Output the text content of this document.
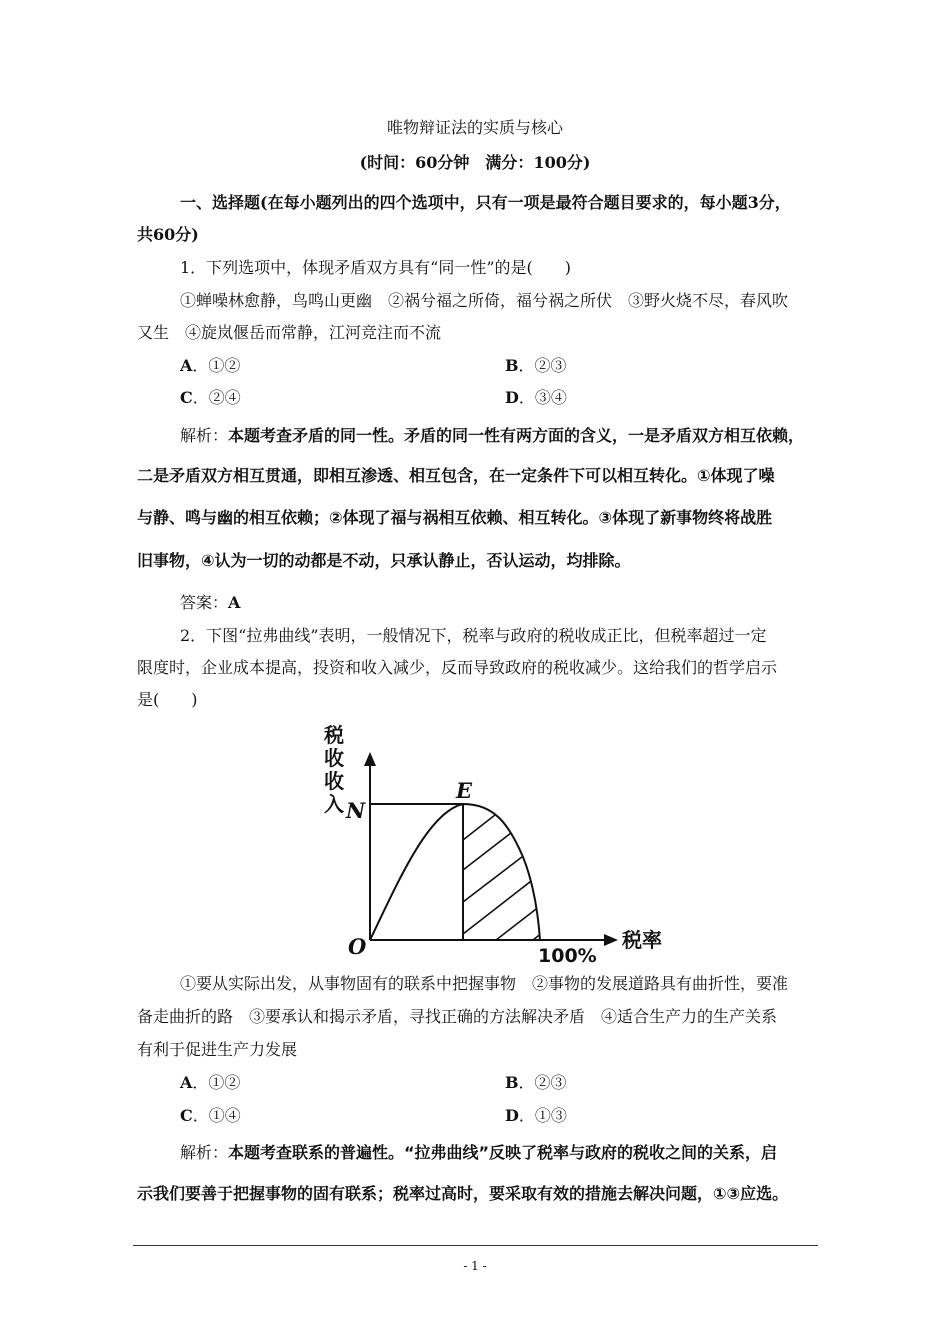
唯物辩证法的实质与核心
(时间：60分钟　满分：100分)
一、选择题(在每小题列出的四个选项中，只有一项是最符合题目要求的，每小题3分，
共60分)
1．下列选项中，体现矛盾双方具有“同一性”的是(　　)
①蝉噪林愈静，鸟鸣山更幽　②祸兮福之所倚，福兮祸之所伏　③野火烧不尽，春风吹
又生　④旋岚偃岳而常静，江河竞注而不流
A．①②	B．②③
C．②④	D．③④
解析：本题考查矛盾的同一性。矛盾的同一性有两方面的含义，一是矛盾双方相互依赖，
二是矛盾双方相互贯通，即相互渗透、相互包含，在一定条件下可以相互转化。①体现了噪
与静、鸣与幽的相互依赖；②体现了福与祸相互依赖、相互转化。③体现了新事物终将战胜
旧事物，④认为一切的动都是不动，只承认静止，否认运动，均排除。
答案：A
2．下图“拉弗曲线”表明，一般情况下，税率与政府的税收成正比，但税率超过一定
限度时，企业成本提高，投资和收入减少，反而导致政府的税收减少。这给我们的哲学启示
是(　　)
税
收
收
入 N
E
O	100%
税率
①要从实际出发，从事物固有的联系中把握事物　②事物的发展道路具有曲折性，要准
备走曲折的路　③要承认和揭示矛盾，寻找正确的方法解决矛盾　④适合生产力的生产关系
有利于促进生产力发展
A．①②	B．②③
C．①④	D．①③
解析：本题考查联系的普遍性。“拉弗曲线”反映了税率与政府的税收之间的关系，启
示我们要善于把握事物的固有联系；税率过高时，要采取有效的措施去解决问题，①③应选。
- 1 -
